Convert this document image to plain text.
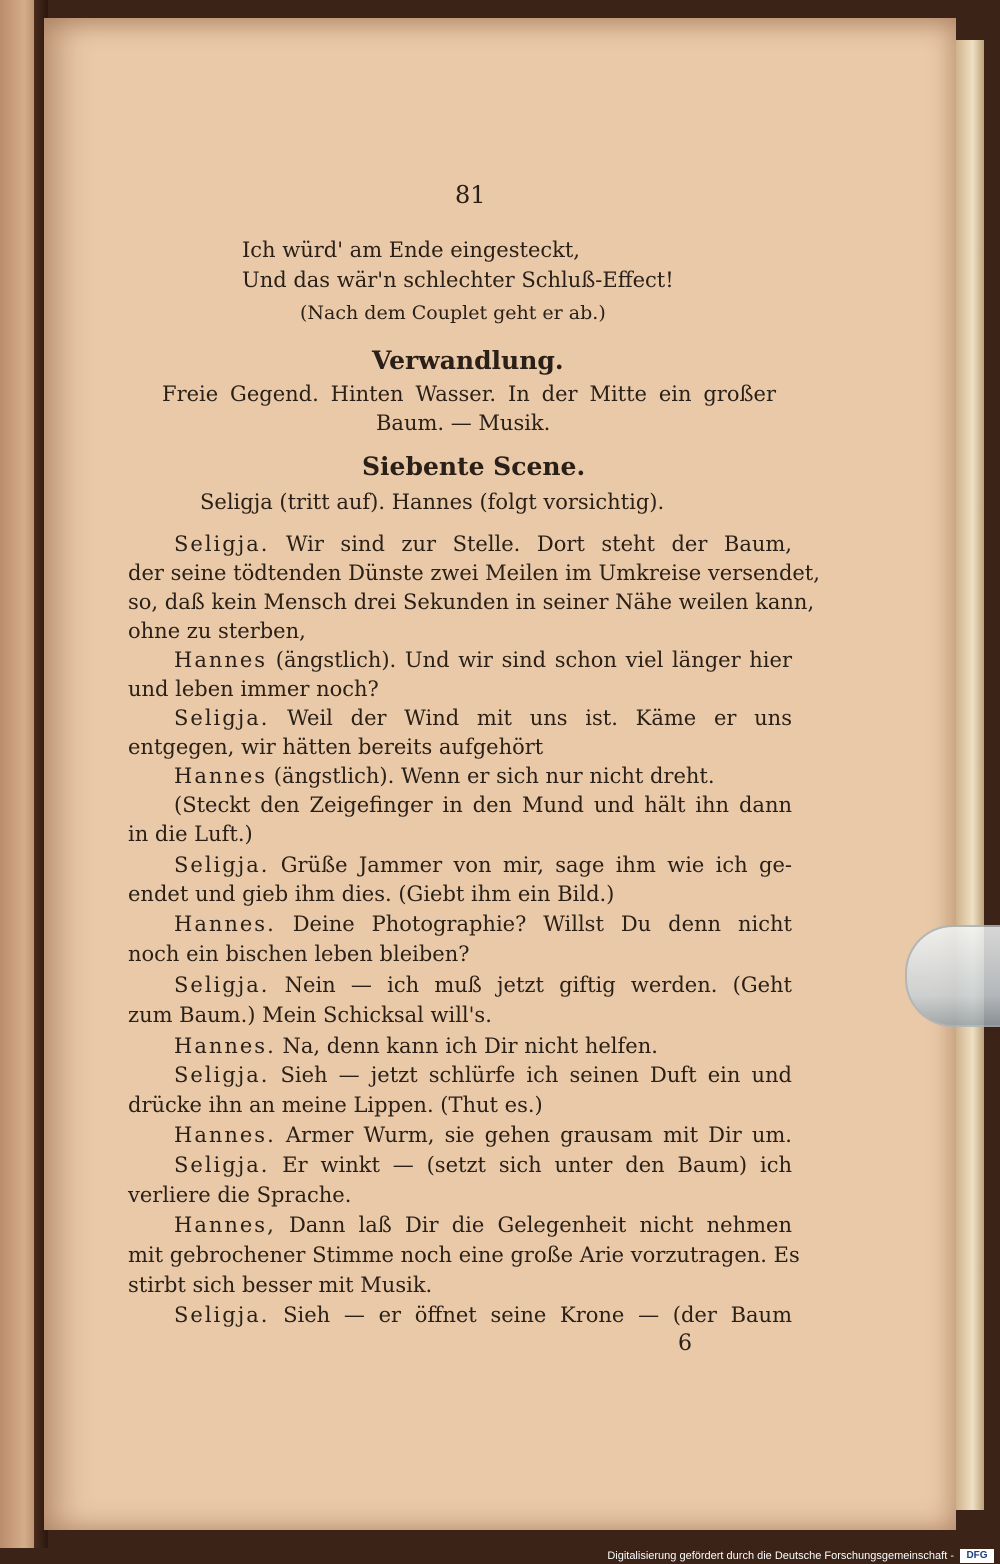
81
Ich würd' am Ende eingesteckt,
Und das wär'n schlechter Schluß-Effect!
(Nach dem Couplet geht er ab.)
Verwandlung.
Freie Gegend. Hinten Wasser. In der Mitte ein großer
Baum. — Musik.
Siebente Scene.
Seligja (tritt auf). Hannes (folgt vorsichtig).
Seligja. Wir sind zur Stelle. Dort steht der Baum,
der seine tödtenden Dünste zwei Meilen im Umkreise versendet,
so, daß kein Mensch drei Sekunden in seiner Nähe weilen kann,
ohne zu sterben,
Hannes (ängstlich). Und wir sind schon viel länger hier
und leben immer noch?
Seligja. Weil der Wind mit uns ist. Käme er uns
entgegen, wir hätten bereits aufgehört
Hannes (ängstlich). Wenn er sich nur nicht dreht.
(Steckt den Zeigefinger in den Mund und hält ihn dann
in die Luft.)
Seligja. Grüße Jammer von mir, sage ihm wie ich ge-
endet und gieb ihm dies. (Giebt ihm ein Bild.)
Hannes. Deine Photographie? Willst Du denn nicht
noch ein bischen leben bleiben?
Seligja. Nein — ich muß jetzt giftig werden. (Geht
zum Baum.) Mein Schicksal will's.
Hannes. Na, denn kann ich Dir nicht helfen.
Seligja. Sieh — jetzt schlürfe ich seinen Duft ein und
drücke ihn an meine Lippen. (Thut es.)
Hannes. Armer Wurm, sie gehen grausam mit Dir um.
Seligja. Er winkt — (setzt sich unter den Baum) ich
verliere die Sprache.
Hannes, Dann laß Dir die Gelegenheit nicht nehmen
mit gebrochener Stimme noch eine große Arie vorzutragen. Es
stirbt sich besser mit Musik.
Seligja. Sieh — er öffnet seine Krone — (der Baum
6
Digitalisierung gefördert durch die Deutsche Forschungsgemeinschaft -	DFG
